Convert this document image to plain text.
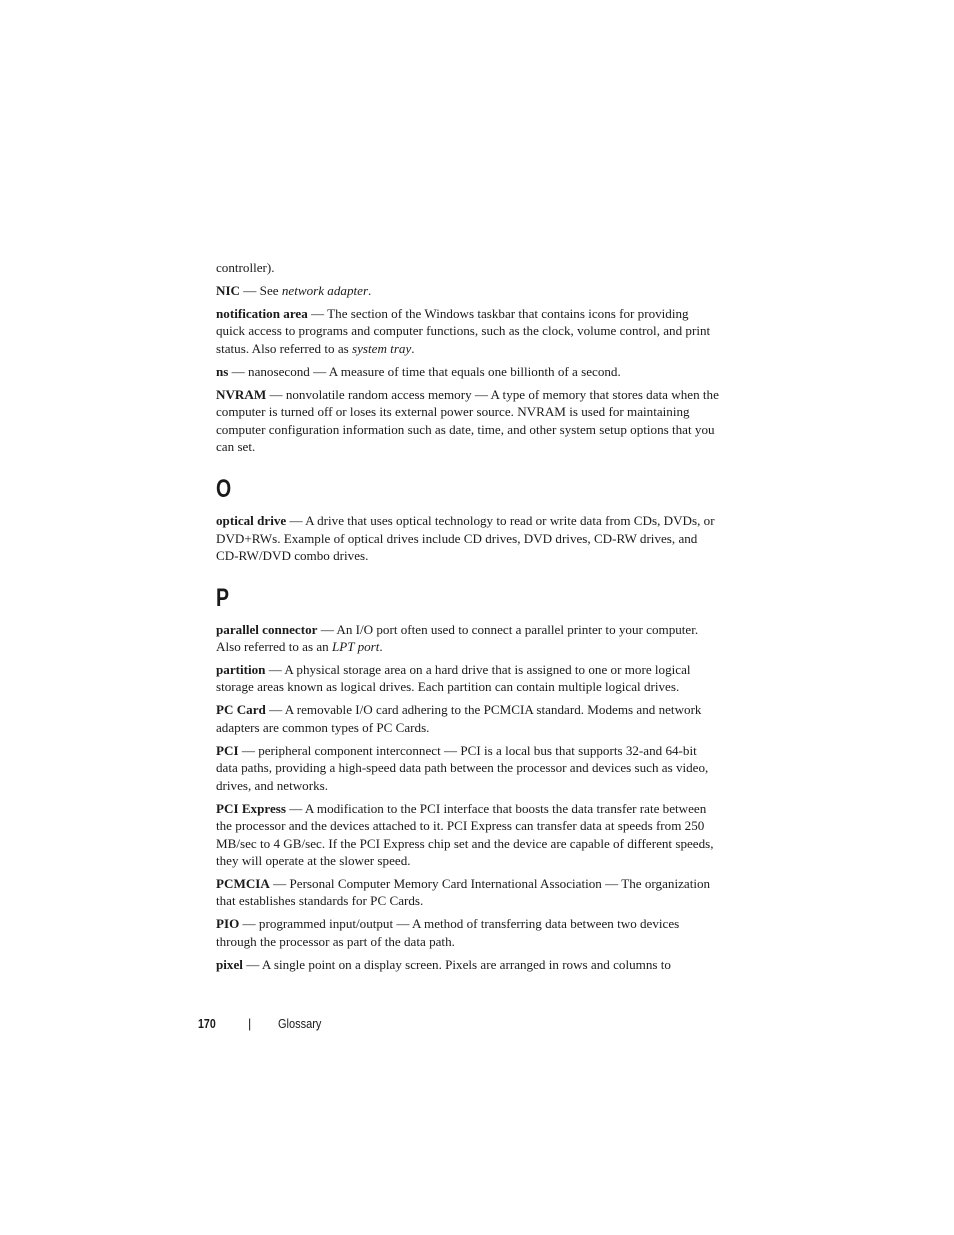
controller).

NIC — See network adapter.

notification area — The section of the Windows taskbar that contains icons for providing quick access to programs and computer functions, such as the clock, volume control, and print status. Also referred to as system tray.

ns — nanosecond — A measure of time that equals one billionth of a second.

NVRAM — nonvolatile random access memory — A type of memory that stores data when the computer is turned off or loses its external power source. NVRAM is used for maintaining computer configuration information such as date, time, and other system setup options that you can set.

O

optical drive — A drive that uses optical technology to read or write data from CDs, DVDs, or DVD+RWs. Example of optical drives include CD drives, DVD drives, CD-RW drives, and CD-RW/DVD combo drives.

P

parallel connector — An I/O port often used to connect a parallel printer to your computer. Also referred to as an LPT port.

partition — A physical storage area on a hard drive that is assigned to one or more logical storage areas known as logical drives. Each partition can contain multiple logical drives.

PC Card — A removable I/O card adhering to the PCMCIA standard. Modems and network adapters are common types of PC Cards.

PCI — peripheral component interconnect — PCI is a local bus that supports 32-and 64-bit data paths, providing a high-speed data path between the processor and devices such as video, drives, and networks.

PCI Express — A modification to the PCI interface that boosts the data transfer rate between the processor and the devices attached to it. PCI Express can transfer data at speeds from 250 MB/sec to 4 GB/sec. If the PCI Express chip set and the device are capable of different speeds, they will operate at the slower speed.

PCMCIA — Personal Computer Memory Card International Association — The organization that establishes standards for PC Cards.

PIO — programmed input/output — A method of transferring data between two devices through the processor as part of the data path.

pixel — A single point on a display screen. Pixels are arranged in rows and columns to

170	| Glossary
